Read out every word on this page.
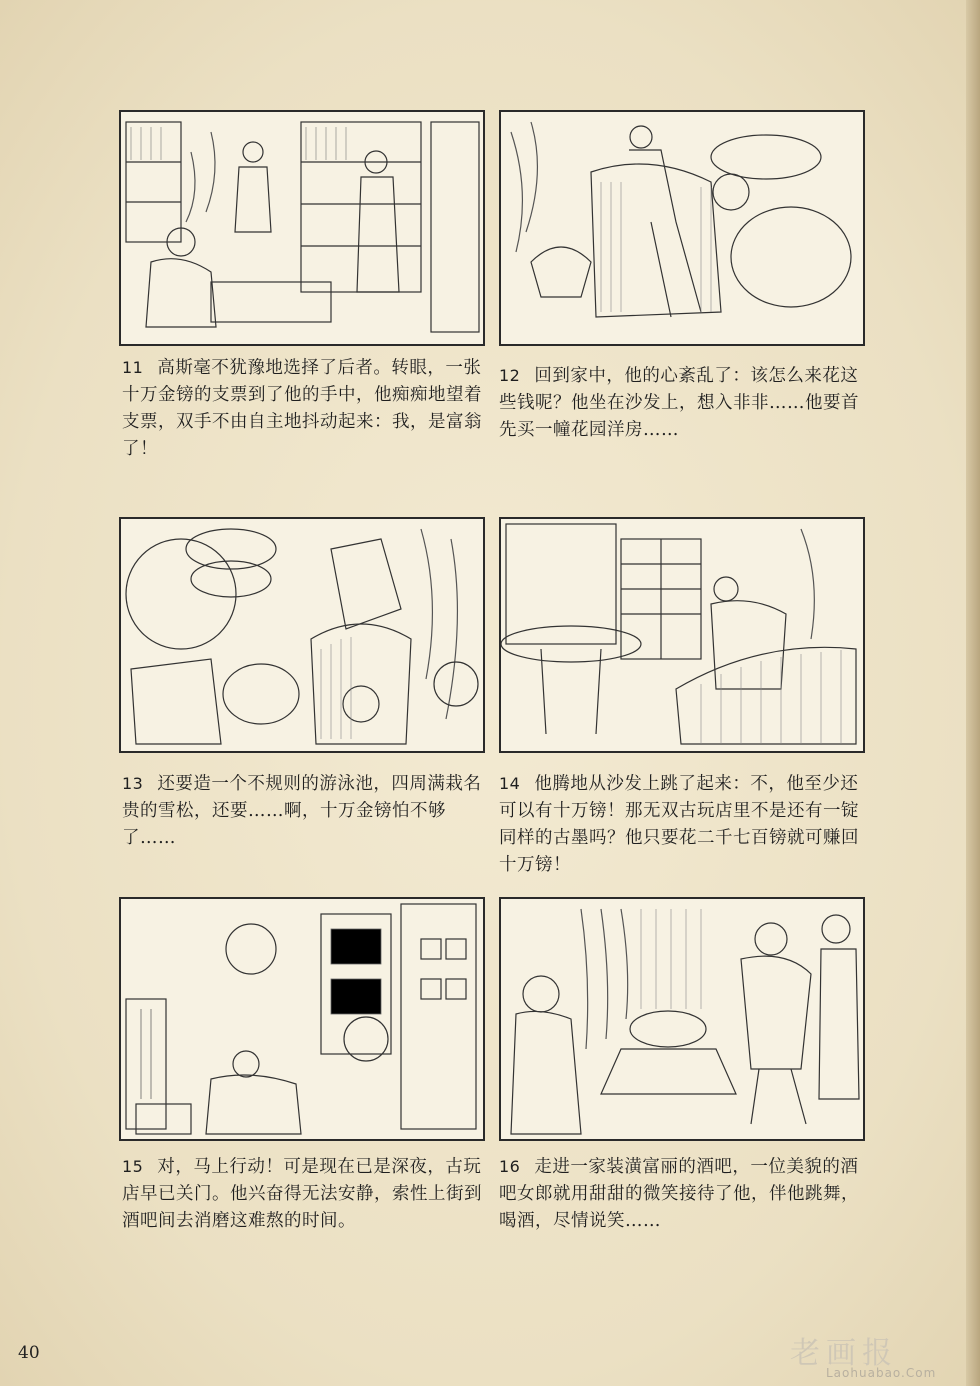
11 高斯毫不犹豫地选择了后者。转眼，一张十万金镑的支票到了他的手中，他痴痴地望着支票，双手不由自主地抖动起来：我，是富翁了！
12 回到家中，他的心紊乱了：该怎么来花这些钱呢？他坐在沙发上，想入非非……他要首先买一幢花园洋房……
13 还要造一个不规则的游泳池，四周满栽名贵的雪松，还要……啊，十万金镑怕不够了……
14 他腾地从沙发上跳了起来：不，他至少还可以有十万镑！那无双古玩店里不是还有一锭同样的古墨吗？他只要花二千七百镑就可赚回十万镑！
15 对，马上行动！可是现在已是深夜，古玩店早已关门。他兴奋得无法安静，索性上街到酒吧间去消磨这难熬的时间。
16 走进一家装潢富丽的酒吧，一位美貌的酒吧女郎就用甜甜的微笑接待了他，伴他跳舞，喝酒，尽情说笑……
40	老画报
Laohuabao.Com
